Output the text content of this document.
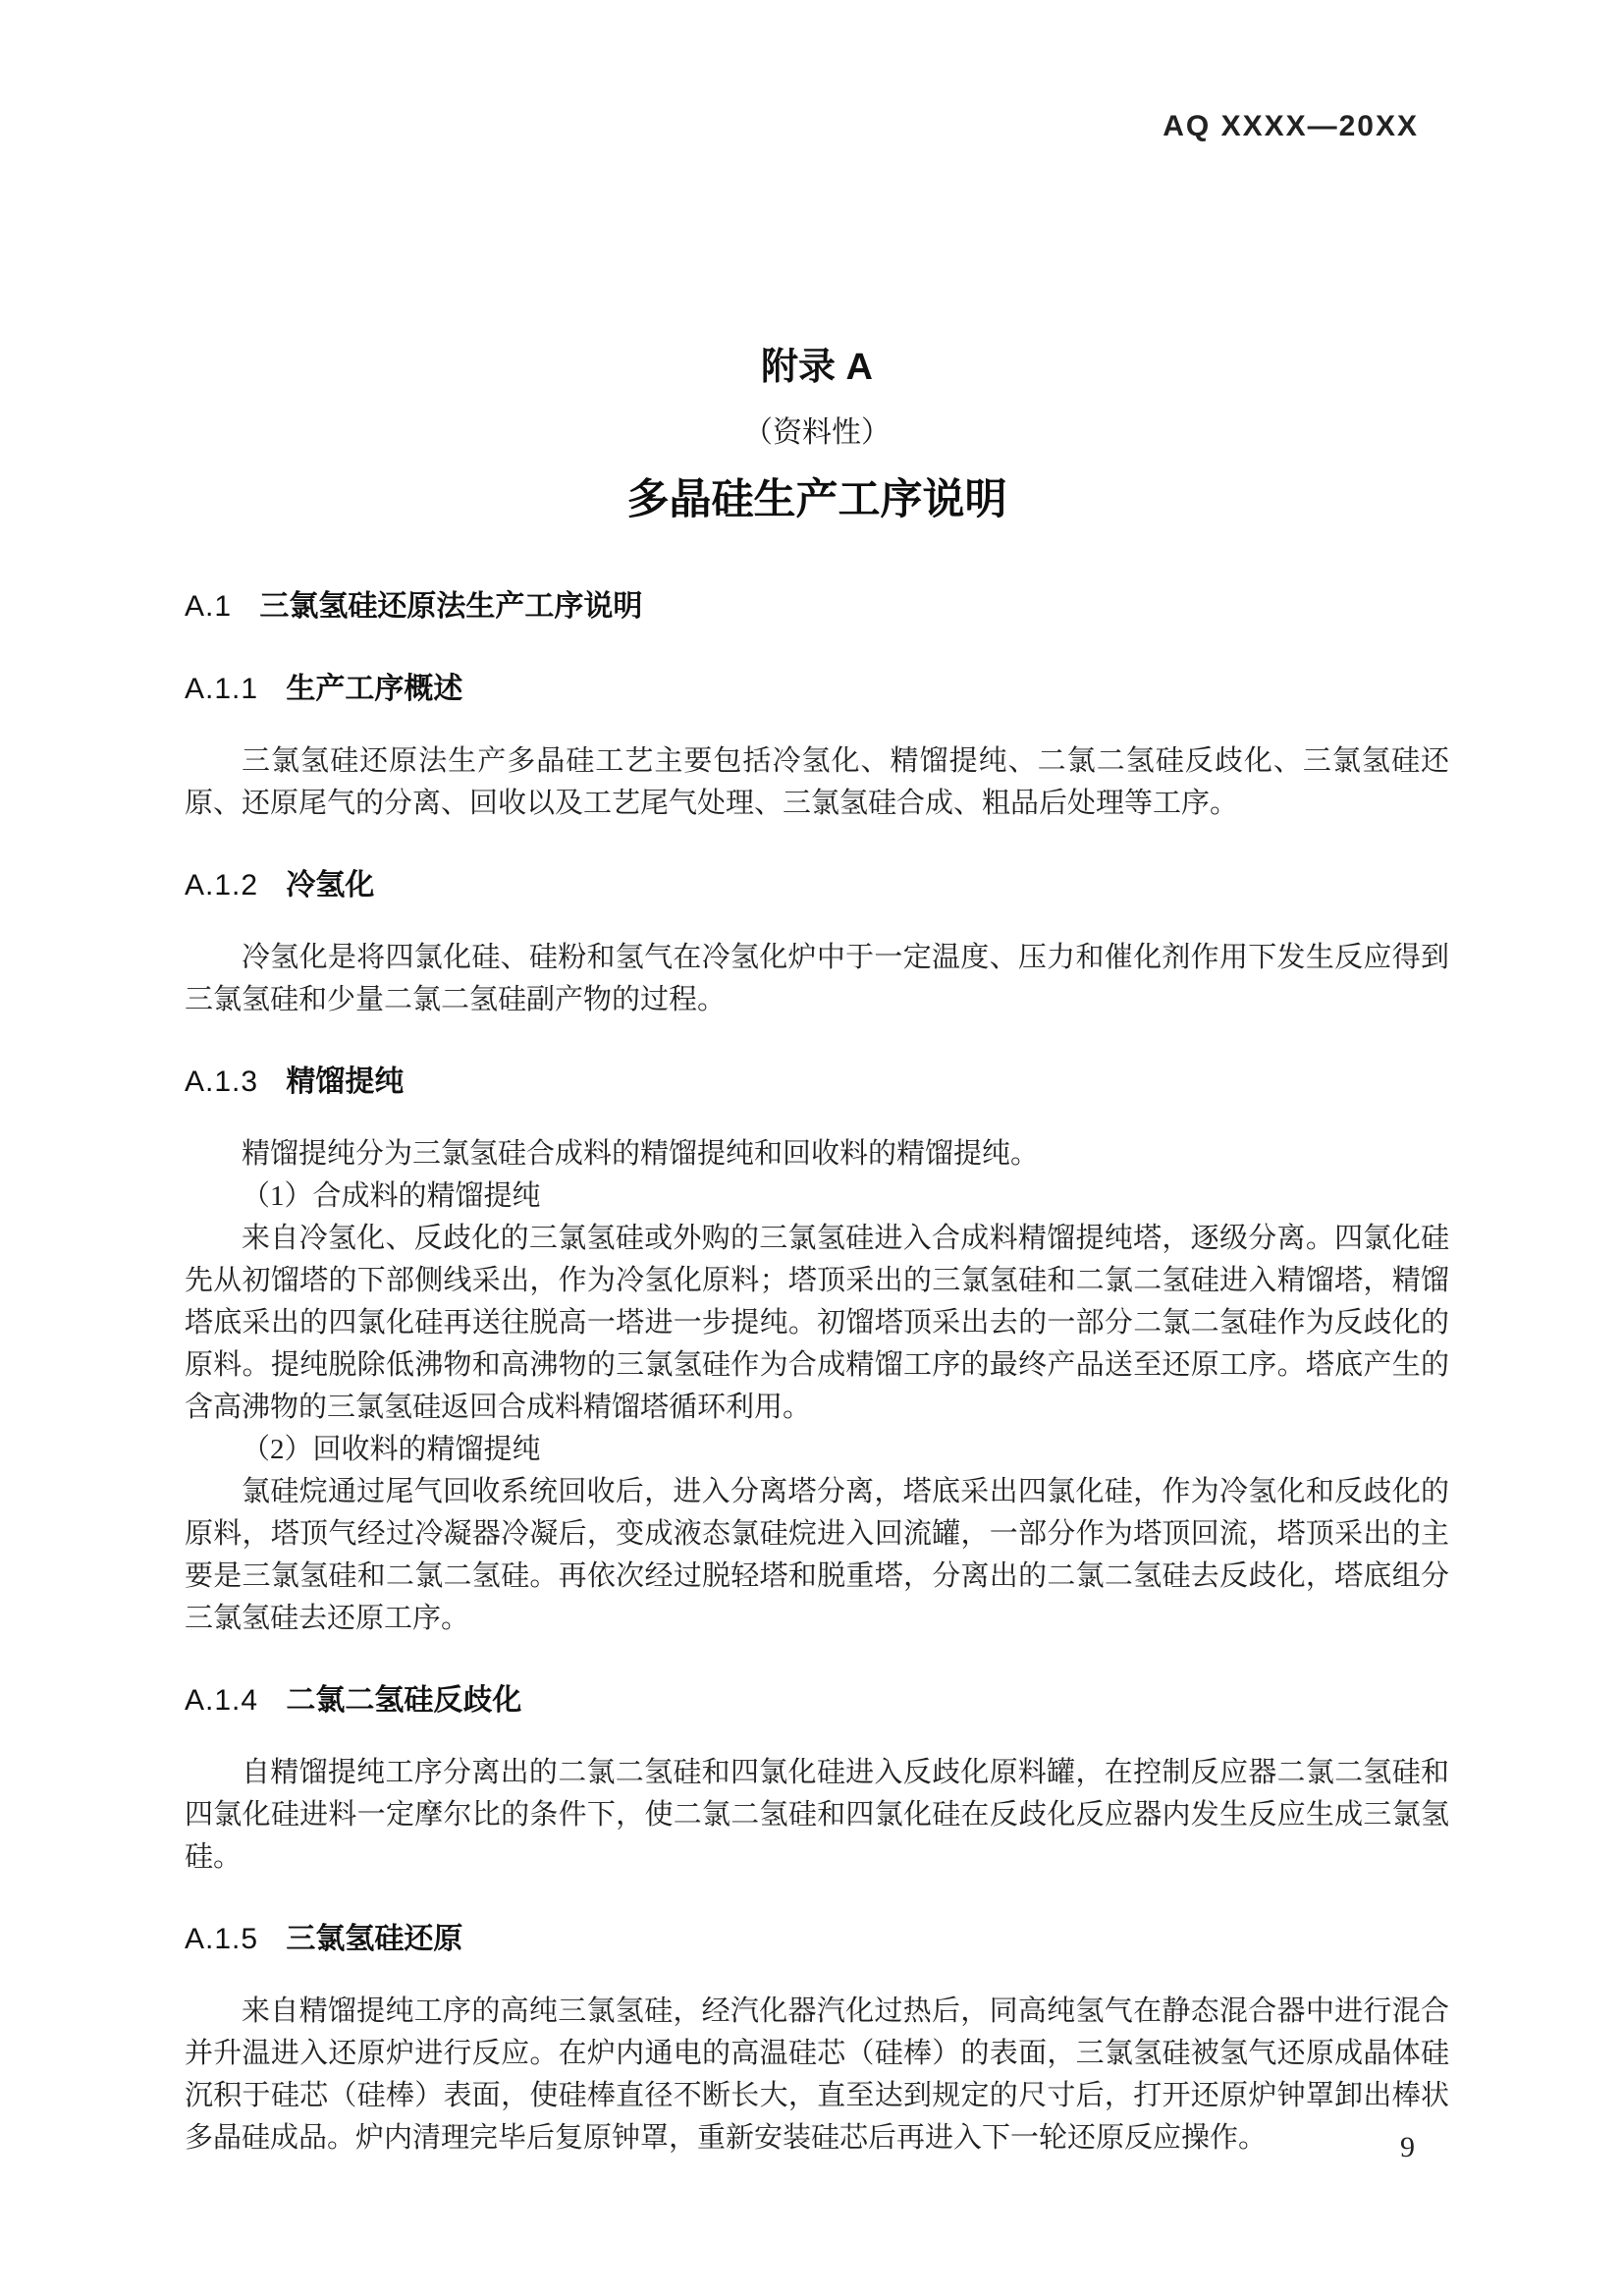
AQ XXXX—20XX
附录 A
（资料性）
多晶硅生产工序说明
A.1 三氯氢硅还原法生产工序说明
A.1.1 生产工序概述

三氯氢硅还原法生产多晶硅工艺主要包括冷氢化、精馏提纯、二氯二氢硅反歧化、三氯氢硅还原、还原尾气的分离、回收以及工艺尾气处理、三氯氢硅合成、粗品后处理等工序。

A.1.2 冷氢化

冷氢化是将四氯化硅、硅粉和氢气在冷氢化炉中于一定温度、压力和催化剂作用下发生反应得到三氯氢硅和少量二氯二氢硅副产物的过程。

A.1.3 精馏提纯

精馏提纯分为三氯氢硅合成料的精馏提纯和回收料的精馏提纯。

（1）合成料的精馏提纯

来自冷氢化、反歧化的三氯氢硅或外购的三氯氢硅进入合成料精馏提纯塔，逐级分离。四氯化硅先从初馏塔的下部侧线采出，作为冷氢化原料；塔顶采出的三氯氢硅和二氯二氢硅进入精馏塔，精馏塔底采出的四氯化硅再送往脱高一塔进一步提纯。初馏塔顶采出去的一部分二氯二氢硅作为反歧化的原料。提纯脱除低沸物和高沸物的三氯氢硅作为合成精馏工序的最终产品送至还原工序。塔底产生的含高沸物的三氯氢硅返回合成料精馏塔循环利用。

（2）回收料的精馏提纯

氯硅烷通过尾气回收系统回收后，进入分离塔分离，塔底采出四氯化硅，作为冷氢化和反歧化的原料，塔顶气经过冷凝器冷凝后，变成液态氯硅烷进入回流罐，一部分作为塔顶回流，塔顶采出的主要是三氯氢硅和二氯二氢硅。再依次经过脱轻塔和脱重塔，分离出的二氯二氢硅去反歧化，塔底组分三氯氢硅去还原工序。

A.1.4 二氯二氢硅反歧化

自精馏提纯工序分离出的二氯二氢硅和四氯化硅进入反歧化原料罐，在控制反应器二氯二氢硅和四氯化硅进料一定摩尔比的条件下，使二氯二氢硅和四氯化硅在反歧化反应器内发生反应生成三氯氢硅。

A.1.5 三氯氢硅还原

来自精馏提纯工序的高纯三氯氢硅，经汽化器汽化过热后，同高纯氢气在静态混合器中进行混合并升温进入还原炉进行反应。在炉内通电的高温硅芯（硅棒）的表面，三氯氢硅被氢气还原成晶体硅沉积于硅芯（硅棒）表面，使硅棒直径不断长大，直至达到规定的尺寸后，打开还原炉钟罩卸出棒状多晶硅成品。炉内清理完毕后复原钟罩，重新安装硅芯后再进入下一轮还原反应操作。	9
